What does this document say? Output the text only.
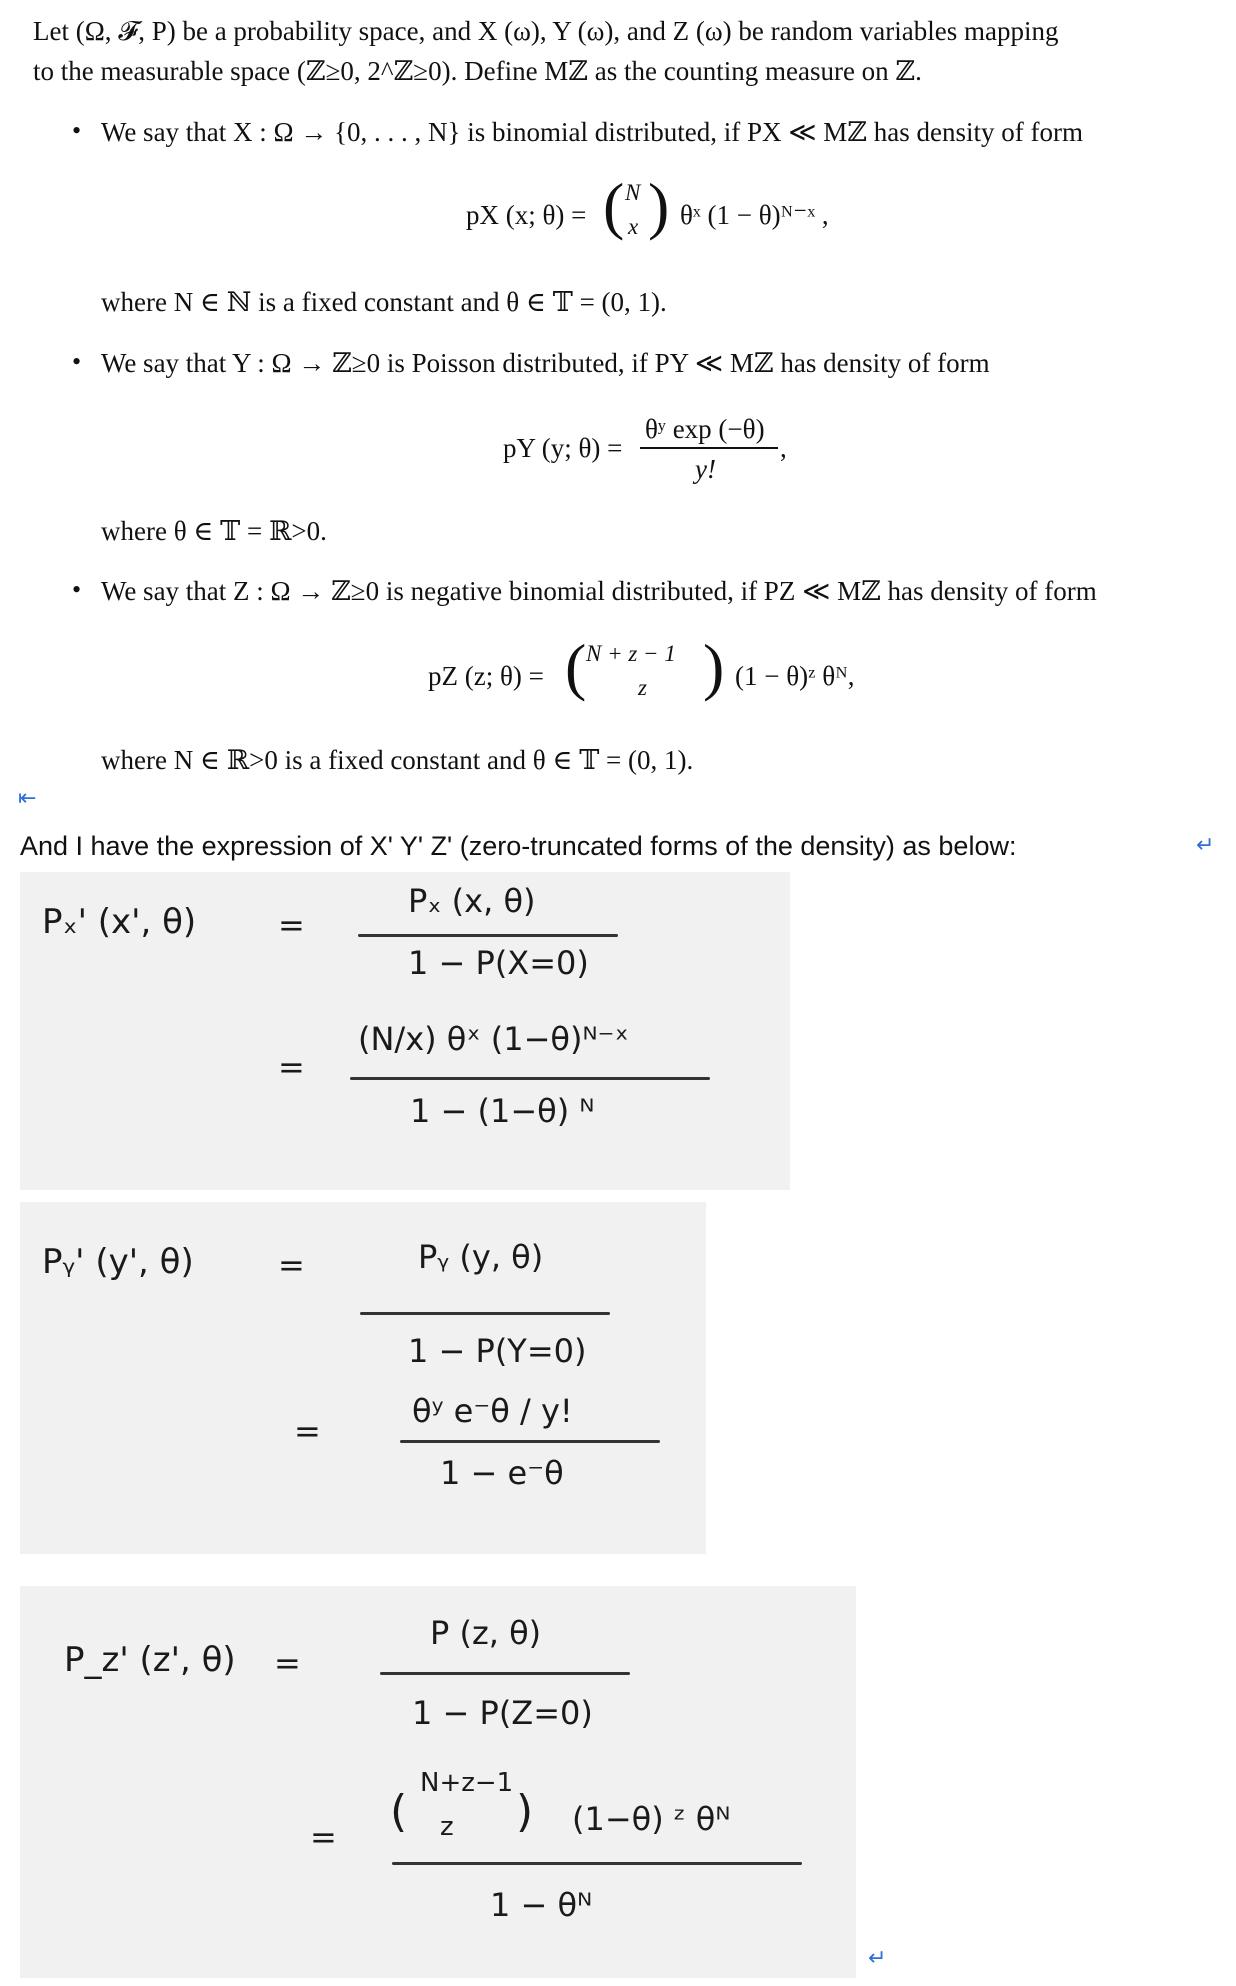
Let (Ω, 𝓕, P) be a probability space, and X (ω), Y (ω), and Z (ω) be random variables mapping
to the measurable space (ℤ≥0, 2^ℤ≥0). Define Mℤ as the counting measure on ℤ.
• We say that X : Ω → {0, . . . , N} is binomial distributed, if PX ≪ Mℤ has density of form
pX (x; θ) = ( N
x ) θˣ (1 − θ)ᴺ⁻ˣ ,
where N ∈ ℕ is a fixed constant and θ ∈ 𝕋 = (0, 1).
• We say that Y : Ω → ℤ≥0 is Poisson distributed, if PY ≪ Mℤ has density of form
pY (y; θ) =
θʸ exp (−θ)
y!
,
where θ ∈ 𝕋 = ℝ>0.
• We say that Z : Ω → ℤ≥0 is negative binomial distributed, if PZ ≪ Mℤ has density of form
pZ (z; θ) = ( N + z − 1
z ) (1 − θ)ᶻ θᴺ,
where N ∈ ℝ>0 is a fixed constant and θ ∈ 𝕋 = (0, 1).
⇤
And I have the expression of X' Y' Z' (zero-truncated forms of the density) as below:	↵
Pₓ' (x', θ)	=
Pₓ (x, θ)
1 − P(X=0)
=
(N/x) θˣ (1−θ)ᴺ⁻ˣ
1 − (1−θ) ᴺ
Pᵧ' (y', θ)	=	Pᵧ (y, θ)
1 − P(Y=0)
=
θʸ e⁻θ / y!
1 − e⁻θ
P_z' (z', θ) =
P (z, θ)
1 − P(Z=0)
= (
N+z−1
z ) (1−θ) ᶻ θᴺ
1 − θᴺ
↵
